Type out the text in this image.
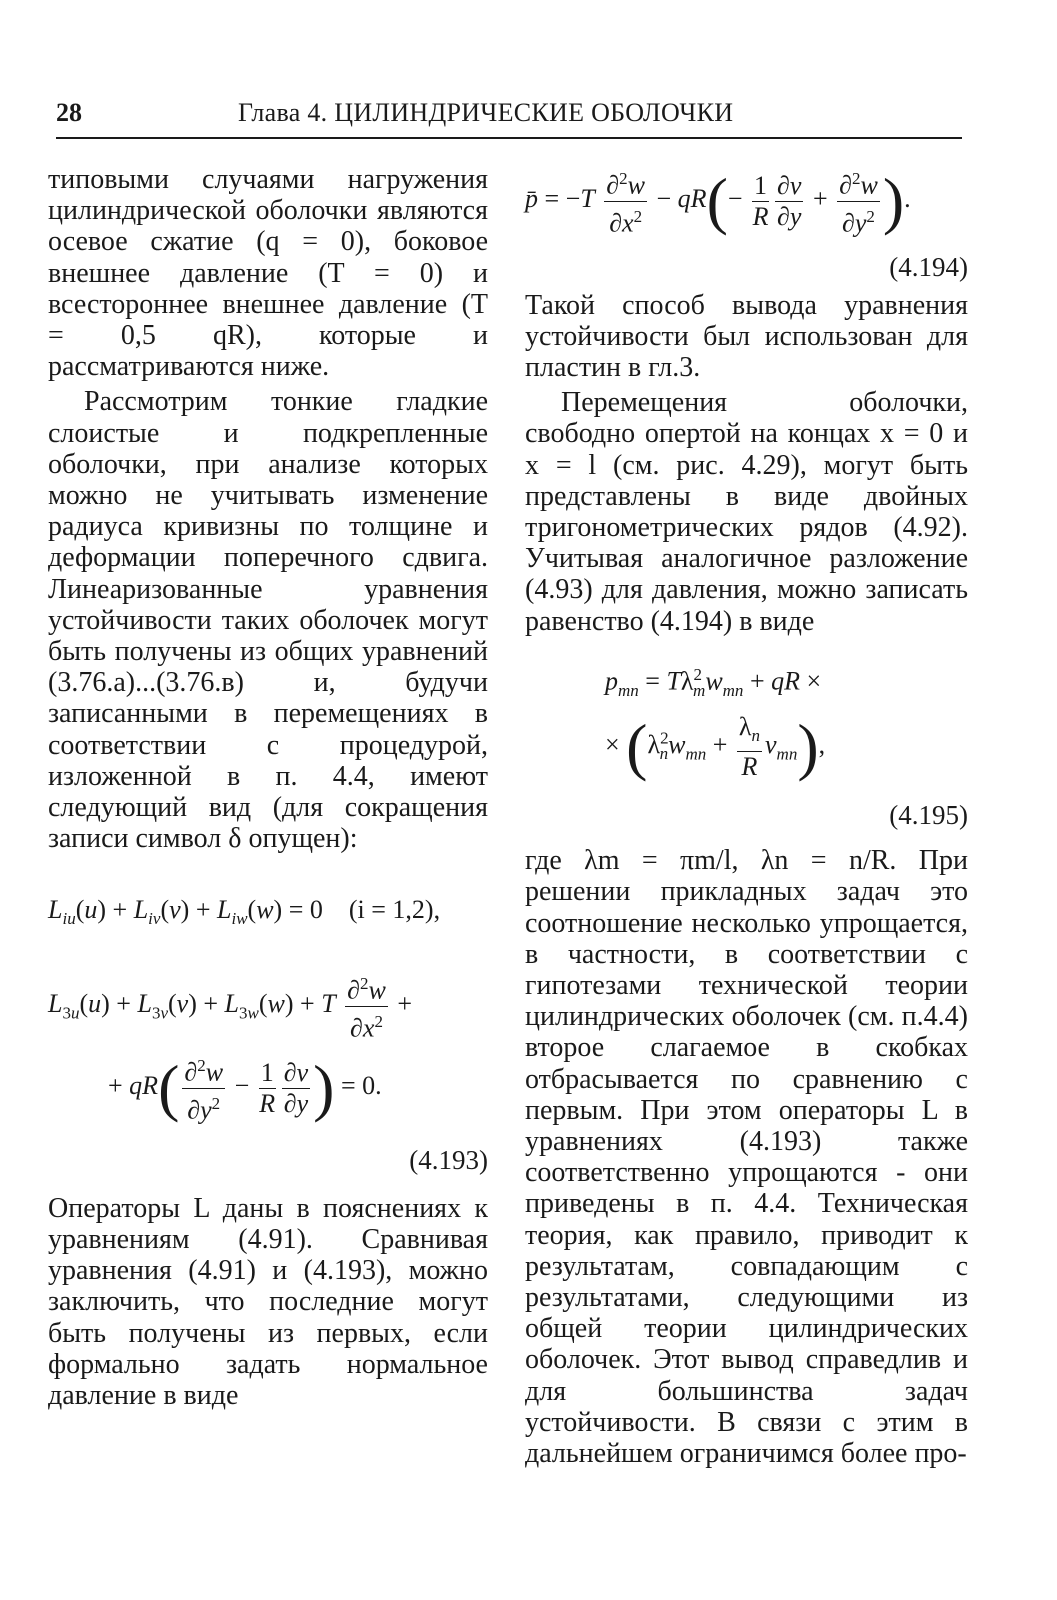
28	Глава 4. ЦИЛИНДРИЧЕСКИЕ ОБОЛОЧКИ

типовыми случаями нагружения цилиндрической оболочки являются осевое сжатие (q = 0), боковое внешнее давление (T = 0) и всестороннее внешнее давление (T = 0,5 qR), которые и рассматриваются ниже.

Рассмотрим тонкие гладкие слоистые и подкрепленные оболочки, при анализе которых можно не учитывать изменение радиуса кривизны по толщине и деформации поперечного сдвига. Линеаризованные уравнения устойчивости таких оболочек могут быть получены из общих уравнений (3.76.а)...(3.76.в) и, будучи записанными в перемещениях в соответствии с процедурой, изложенной в п. 4.4, имеют следующий вид (для сокращения записи символ δ опущен):

$L_{iu}(u) + L_{iv}(v) + L_{iw}(w) = 0$    (i = 1,2),
$L_{3u}(u) + L_{3v}(v) + L_{3w}(w) + T \frac{\partial^2w}{\partial x^2}$ +
+ $qR( \frac{\partial^2w}{\partial y^2} - \frac{1}{R} \frac{\partial v}{\partial y}$ ) = 0.

(4.193)

Операторы L даны в пояснениях к уравнениям (4.91). Сравнивая уравнения (4.91) и (4.193), можно заключить, что последние могут быть получены из первых, если формально задать нормальное давление в виде

p̄ = $-T \frac{\partial^2w}{\partial x^2} - qR(- \frac{1}{R} \frac{\partial v}{\partial y} + \frac{\partial^2w}{\partial y^2}$ ).

(4.194)

Такой способ вывода уравнения устойчивости был использован для пластин в гл.3.

Перемещения оболочки, свободно опертой на концах x = 0 и x = l (см. рис. 4.29), могут быть представлены в виде двойных тригонометрических рядов (4.92). Учитывая аналогичное разложение (4.93) для давления, можно записать равенство (4.194) в виде

$p_{mn} = T\lambda^2_mw_{mn}$ + qR ×
× $(\lambda^2_nw_{mn} + \frac{\lambda_n}{R} v_{mn})$,

(4.195)

где λm = πm/l, λn = n/R. При решении прикладных задач это соотношение несколько упрощается, в частности, в соответствии с гипотезами технической теории цилиндрических оболочек (см. п.4.4) второе слагаемое в скобках отбрасывается по сравнению с первым. При этом операторы L в уравнениях (4.193) также соответственно упрощаются - они приведены в п. 4.4. Техническая теория, как правило, приводит к результатам, совпадающим с результатами, следующими из общей теории цилиндрических оболочек. Этот вывод справедлив и для большинства задач устойчивости. В связи с этим в дальнейшем ограничимся более про-
